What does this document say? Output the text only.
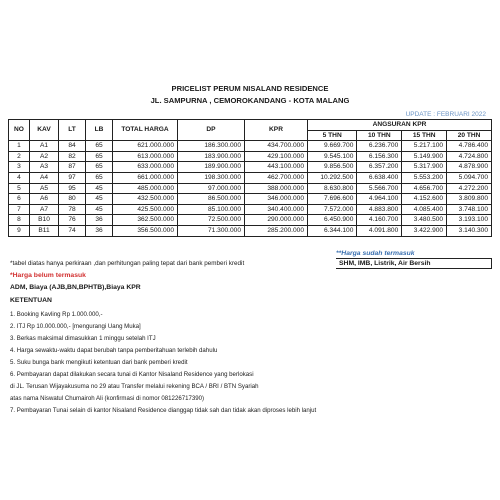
PRICELIST PERUM NISALAND RESIDENCE
JL. SAMPURNA , CEMOROKANDANG - KOTA MALANG
UPDATE : FEBRUARI 2022
NO	KAV	LT	LB	TOTAL HARGA	DP	KPR	ANGSURAN KPR			
							5 THN	10 THN	15 THN	20 THN
1	A1	84	65	621.000.000	186.300.000	434.700.000	9.669.700	6.236.700	5.217.100	4.786.400
2	A2	82	65	613.000.000	183.900.000	429.100.000	9.545.100	6.156.300	5.149.900	4.724.800
3	A3	87	65	633.000.000	189.900.000	443.100.000	9.856.500	6.357.200	5.317.900	4.878.900
4	A4	97	65	661.000.000	198.300.000	462.700.000	10.292.500	6.638.400	5.553.200	5.094.700
5	A5	95	45	485.000.000	97.000.000	388.000.000	8.630.800	5.566.700	4.656.700	4.272.200
6	A6	80	45	432.500.000	86.500.000	346.000.000	7.696.600	4.964.100	4.152.600	3.809.800
7	A7	78	45	425.500.000	85.100.000	340.400.000	7.572.000	4.883.800	4.085.400	3.748.100
8	B10	76	36	362.500.000	72.500.000	290.000.000	6.450.900	4.160.700	3.480.500	3.193.100
9	B11	74	36	356.500.000	71.300.000	285.200.000	6.344.100	4.091.800	3.422.900	3.140.300
*tabel diatas hanya perkiraan ,dan perhitungan paling tepat dari bank pemberi kredit
**Harga sudah termasuk
SHM, IMB, Listrik, Air Bersih
*Harga belum termasuk
ADM, Biaya (AJB,BN,BPHTB),Biaya KPR
KETENTUAN
1. Booking Kavling Rp 1.000.000,-
2. ITJ Rp 10.000.000,- [mengurangi Uang Muka]
3. Berkas maksimal dimasukkan 1 minggu setelah ITJ
4. Harga sewaktu-waktu dapat berubah tanpa pemberitahuan terlebih dahulu
5. Suku bunga bank mengikuti ketentuan dari bank pemberi kredit
6. Pembayaran dapat dilakukan secara tunai di Kantor Nisaland Residence yang berlokasi
di JL. Terusan Wijayakusuma no 29 atau Transfer melalui rekening BCA / BRI / BTN Syariah
atas nama Niswatul Chumairoh Ali (konfirmasi di nomor 081226717390)
7. Pembayaran Tunai selain di kantor Nisaland Residence dianggap tidak sah dan tidak akan diproses lebih lanjut
